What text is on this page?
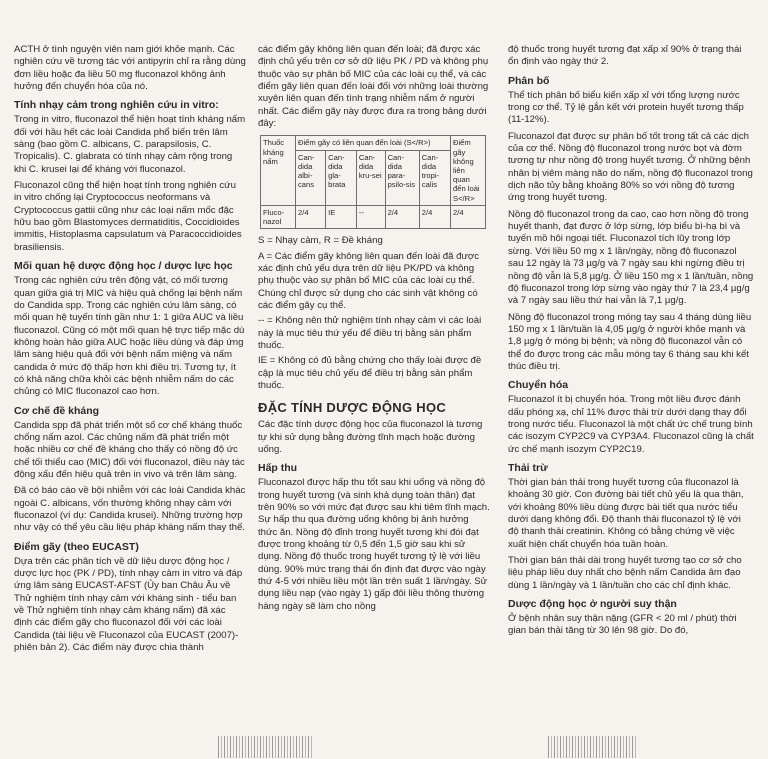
ACTH ở tình nguyện viên nam giới khỏe mạnh. Các nghiên cứu về tương tác với antipyrin chỉ ra rằng dùng đơn liều hoặc đa liều 50 mg fluconazol không ảnh hưởng đến chuyển hóa của nó.

Tính nhạy cảm trong nghiên cứu in vitro:

Trong in vitro, fluconazol thể hiện hoạt tính kháng nấm đối với hầu hết các loài Candida phổ biến trên lâm sàng (bao gồm C. albicans, C. parapsilosis, C. Tropicalis). C. glabrata có tính nhạy cảm rộng trong khi C. krusei lại để kháng với fluconazol.

Fluconazol cũng thể hiện hoạt tính trong nghiên cứu in vitro chống lại Cryptococcus neoformans và Cryptococcus gattii cũng như các loại nấm mốc đặc hữu bao gồm Blastomyces dermatiditis, Coccidioides immitis, Histoplasma capsulatum và Paracoccidioides brasiliensis.

Mối quan hệ dược động học / dược lực học

Trong các nghiên cứu trên động vật, có mối tương quan giữa giá trị MIC và hiệu quả chống lại bệnh nấm do Candida spp. Trong các nghiên cứu lâm sàng, có mối quan hệ tuyến tính gần như 1: 1 giữa AUC và liều fluconazol. Cũng có một mối quan hệ trực tiếp mặc dù không hoàn hảo giữa AUC hoặc liều dùng và đáp ứng lâm sàng hiệu quả đối với bệnh nấm miệng và nấm candida ở mức độ thấp hơn khi điều trị. Tương tự, ít có khả năng chữa khỏi các bệnh nhiễm nấm do các chủng có MIC fluconazol cao hơn.

Cơ chế đề kháng

Candida spp đã phát triển một số cơ chế kháng thuốc chống nấm azol. Các chủng nấm đã phát triển một hoặc nhiều cơ chế đề kháng cho thấy có nồng độ ức chế tối thiểu cao (MIC) đối với fluconazol, điều này tác động xấu đến hiệu quả trên in vivo và trên lâm sàng.

Đã có báo cáo về bội nhiễm với các loài Candida khác ngoài C. albicans, vốn thường không nhạy cảm với fluconazol (ví dụ: Candida krusei). Những trường hợp như vậy có thể yêu cầu liệu pháp kháng nấm thay thế.

Điểm gãy (theo EUCAST)

Dựa trên các phân tích về dữ liệu dược động học / dược lực học (PK / PD), tính nhạy cảm in vitro và đáp ứng lâm sàng EUCAST-AFST (Ủy ban Châu Âu về Thử nghiệm tính nhạy cảm với kháng sinh - tiểu ban về Thử nghiệm tính nhạy cảm kháng nấm) đã xác định các điểm gãy cho fluconazol đối với các loài Candida (tài liệu về Fluconazol của EUCAST (2007)-phiên bản 2). Các điểm này được chia thành

các điểm gãy không liên quan đến loài; đã được xác định chủ yếu trên cơ sở dữ liệu PK / PD và không phụ thuộc vào sự phân bố MIC của các loài cụ thể, và các điểm gãy liên quan đến loài đối với những loài thường xuyên liên quan đến tình trạng nhiễm nấm ở người nhất. Các điểm gãy này được đưa ra trong bảng dưới đây:

Thuốc kháng nấm	Điểm gãy có liên quan đến loài (S</R>)					Điểm gãy không liên quan đến loài S</R>
	Can-dida albi-cans	Can-dida gla-brata	Can-dida kru-sei	Can-dida para-psilo-sis	Can-dida tropi-calis	
Fluco-nazol	2/4	IE	--	2/4	2/4	2/4

S = Nhạy cảm, R = Đề kháng

A = Các điểm gãy không liên quan đến loài đã được xác định chủ yếu dựa trên dữ liệu PK/PD và không phụ thuộc vào sự phân bố MIC của các loài cụ thể. Chúng chỉ được sử dụng cho các sinh vật không có các điểm gãy cụ thể.

-- = Không nên thử nghiệm tính nhạy cảm vì các loài này là mục tiêu thứ yếu để điều trị bằng sản phẩm thuốc.

IE = Không có đủ bằng chứng cho thấy loài được đề cập là mục tiêu chủ yếu để điều trị bằng sản phẩm thuốc.

ĐẶC TÍNH DƯỢC ĐỘNG HỌC

Các đặc tính dược động học của fluconazol là tương tự khi sử dụng bằng đường tĩnh mạch hoặc đường uống.

Hấp thu

Fluconazol được hấp thu tốt sau khi uống và nồng độ trong huyết tương (và sinh khả dụng toàn thân) đạt trên 90% so với mức đạt được sau khi tiêm tĩnh mạch. Sự hấp thu qua đường uống không bị ảnh hưởng thức ăn. Nồng độ đỉnh trong huyết tương khi đói đạt được trong khoảng từ 0,5 đến 1,5 giờ sau khi sử dụng. Nồng độ thuốc trong huyết tương tỷ lệ với liều dùng. 90% mức trạng thái ổn định đạt được vào ngày thứ 4-5 với nhiều liều một lần trên suất 1 lần/ngày. Sử dụng liều nạp (vào ngày 1) gấp đôi liều thông thường hàng ngày sẽ làm cho nồng

độ thuốc trong huyết tương đạt xấp xỉ 90% ở trạng thái ổn định vào ngày thứ 2.

Phân bố

Thể tích phân bố biểu kiến xấp xỉ với tổng lượng nước trong cơ thể. Tỷ lệ gắn kết với protein huyết tương thấp (11-12%).

Fluconazol đạt được sự phân bố tốt trong tất cả các dịch của cơ thể. Nồng độ fluconazol trong nước bọt và đờm tương tự như nồng độ trong huyết tương. Ở những bệnh nhân bị viêm màng não do nấm, nồng độ fluconazol trong dịch não tủy bằng khoảng 80% so với nồng độ tương ứng trong huyết tương.

Nồng độ fluconazol trong da cao, cao hơn nồng độ trong huyết thanh, đạt được ở lớp sừng, lớp biểu bì-hạ bì và tuyến mồ hôi ngoại tiết. Fluconazol tích lũy trong lớp sừng. Với liều 50 mg x 1 lần/ngày, nồng độ fluconazol sau 12 ngày là 73 µg/g và 7 ngày sau khi ngừng điều trị nồng độ vẫn là 5,8 µg/g. Ở liều 150 mg x 1 lần/tuần, nồng độ fluconazol trong lớp sừng vào ngày thứ 7 là 23,4 µg/g và 7 ngày sau liều thứ hai vẫn là 7,1 µg/g.

Nồng độ fluconazol trong móng tay sau 4 tháng dùng liều 150 mg x 1 lần/tuần là 4,05 µg/g ở người khỏe mạnh và 1,8 µg/g ở móng bị bệnh; và nồng độ fluconazol vẫn có thể đo được trong các mẫu móng tay 6 tháng sau khi kết thúc điều trị.

Chuyển hóa

Fluconazol ít bị chuyển hóa. Trong một liều được đánh dấu phóng xạ, chỉ 11% được thải trừ dưới dạng thay đổi trong nước tiểu. Fluconazol là một chất ức chế trung bình các isozym CYP2C9 và CYP3A4. Fluconazol cũng là chất ức chế mạnh isozym CYP2C19.

Thải trừ

Thời gian bán thải trong huyết tương của fluconazol là khoảng 30 giờ. Con đường bài tiết chủ yếu là qua thận, với khoảng 80% liều dùng được bài tiết qua nước tiểu dưới dạng không đổi. Độ thanh thải fluconazol tỷ lệ với độ thanh thải creatinin. Không có bằng chứng về việc xuất hiện chất chuyển hóa tuần hoàn.

Thời gian bán thải dài trong huyết tương tạo cơ sở cho liệu pháp liều duy nhất cho bệnh nấm Candida âm đạo dùng 1 lần/ngày và 1 lần/tuần cho các chỉ định khác.

Dược động học ở người suy thận

Ở bệnh nhân suy thận nặng (GFR < 20 ml / phút) thời gian bán thải tăng từ 30 lên 98 giờ. Do đó,
